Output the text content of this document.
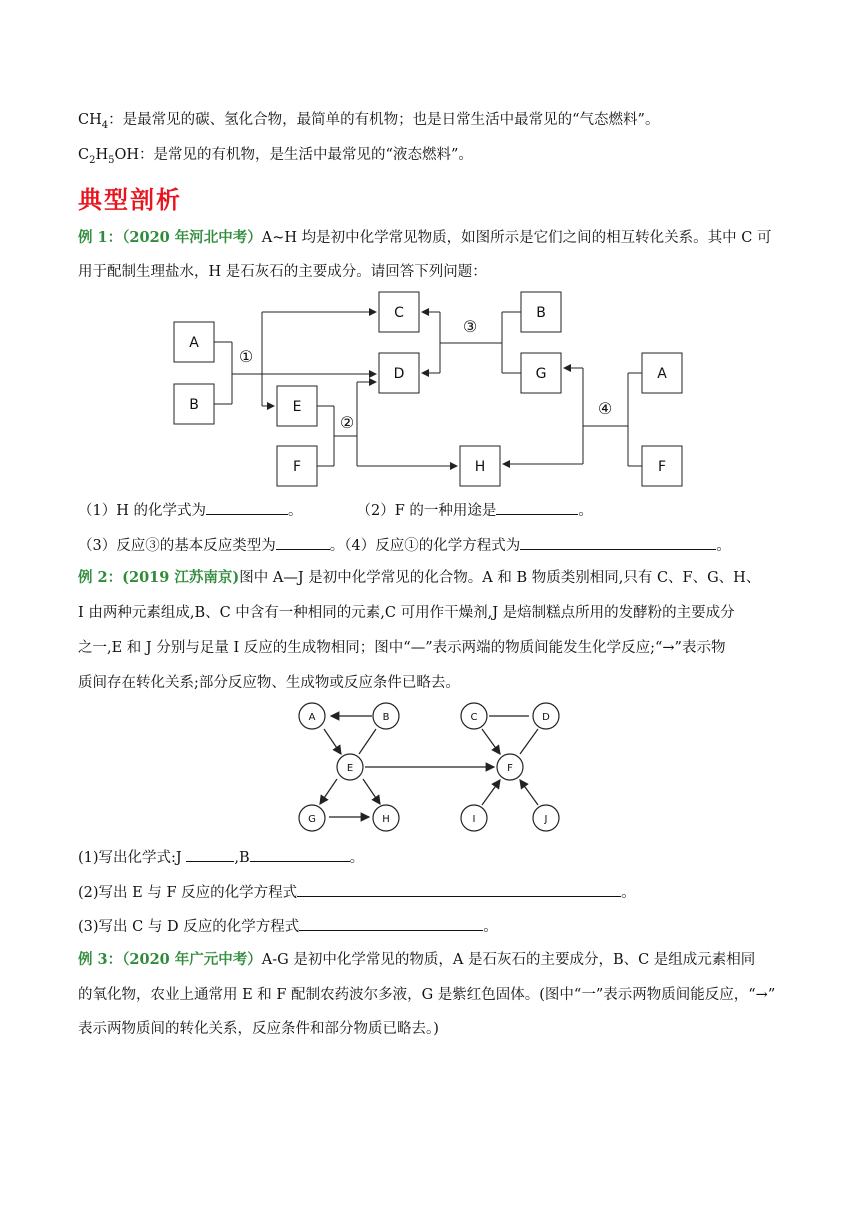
$CH_4$：是最常见的碳、氢化合物，最简单的有机物；也是日常生活中最常见的“气态燃料”。
$C_2H_5OH$：是常见的有机物，是生活中最常见的“液态燃料”。
典型剖析
例 1：（2020 年河北中考）A~H 均是初中化学常见物质，如图所示是它们之间的相互转化关系。其中 C 可
用于配制生理盐水，H 是石灰石的主要成分。请回答下列问题：
A
B
C
D
E
F
B
G	A
F
H
①
②
③
④
（1）H 的化学式为	。	（2）F 的一种用途是	。
（3）反应③的基本反应类型为	。（4）反应①的化学方程式为	。
例 2：(2019 江苏南京)图中 A—J 是初中化学常见的化合物。A 和 B 物质类别相同,只有 C、F、G、H、
I 由两种元素组成,B、C 中含有一种相同的元素,C 可用作干燥剂,J 是焙制糕点所用的发酵粉的主要成分
之一,E 和 J 分别与足量 I 反应的生成物相同；图中“—”表示两端的物质间能发生化学反应;“→”表示物
质间存在转化关系;部分反应物、生成物或反应条件已略去。
A	B
E
G	H
C	D
F
I	J
(1)写出化学式:J	,B	。
(2)写出 E 与 F 反应的化学方程式	。
(3)写出 C 与 D 反应的化学方程式	。
例 3：（2020 年广元中考）A-G 是初中化学常见的物质，A 是石灰石的主要成分，B、C 是组成元素相同
的氧化物，农业上通常用 E 和 F 配制农药波尔多液，G 是紫红色固体。(图中“一”表示两物质间能反应，“→”
表示两物质间的转化关系，反应条件和部分物质已略去。)
